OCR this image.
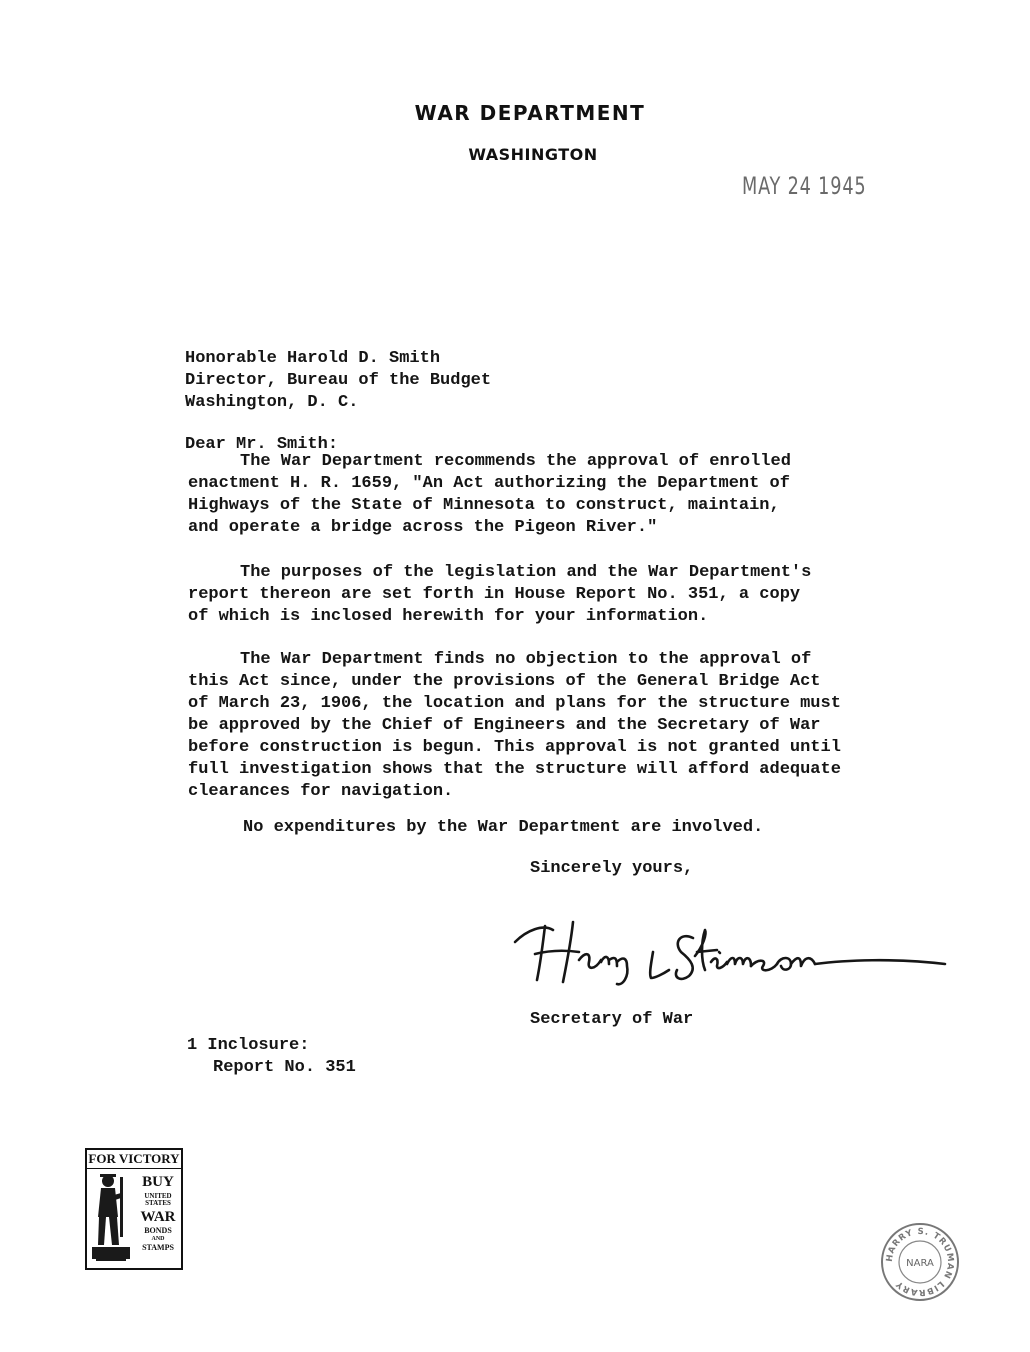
WAR DEPARTMENT
WASHINGTON
MAY 24 1945
Honorable Harold D. Smith
Director, Bureau of the Budget
Washington, D. C.
Dear Mr. Smith:
The War Department recommends the approval of enrolled
enactment H. R. 1659, "An Act authorizing the Department of
Highways of the State of Minnesota to construct, maintain,
and operate a bridge across the Pigeon River."
The purposes of the legislation and the War Department's
report thereon are set forth in House Report No. 351, a copy
of which is inclosed herewith for your information.
The War Department finds no objection to the approval of
this Act since, under the provisions of the General Bridge Act
of March 23, 1906, the location and plans for the structure must
be approved by the Chief of Engineers and the Secretary of War
before construction is begun. This approval is not granted until
full investigation shows that the structure will afford adequate
clearances for navigation.
No expenditures by the War Department are involved.
Sincerely yours,
Secretary of War
1 Inclosure:
Report No. 351
FOR VICTORY
BUY
UNITED STATES
WAR
BONDS
AND
STAMPS
HARRY S. TRUMAN LIBRARY
NARA
